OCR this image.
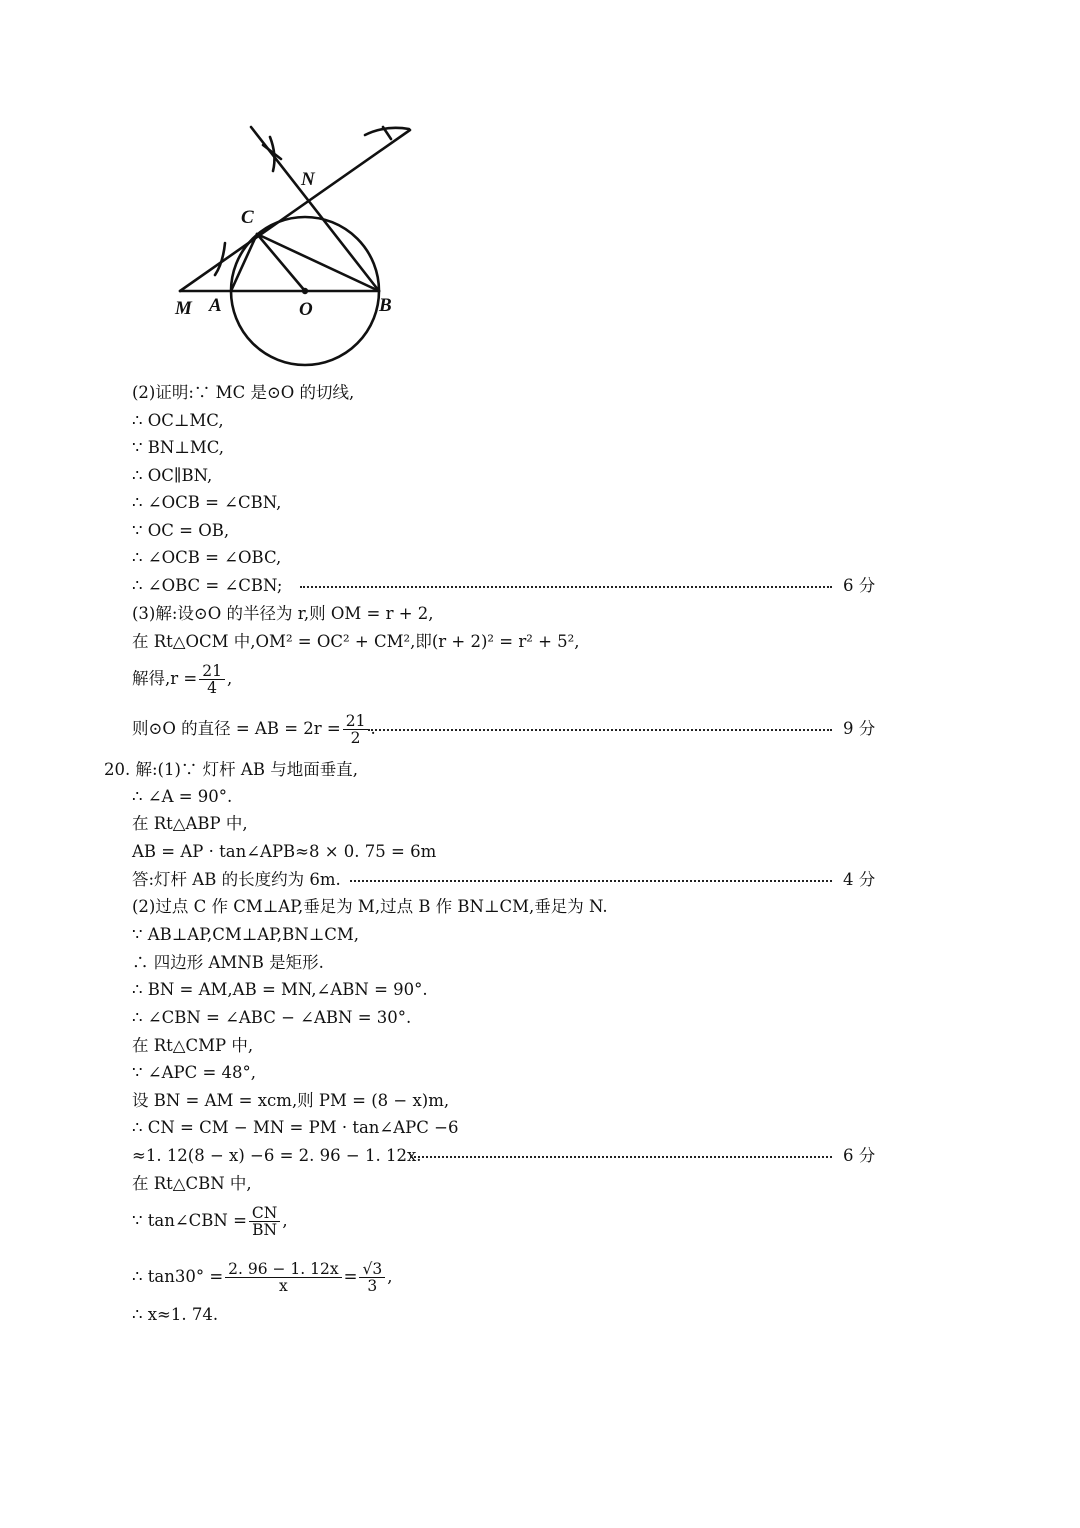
N
C
M A	O	B
(2)证明:∵ MC 是⊙O 的切线,
∴ OC⊥MC,
∵ BN⊥MC,
∴ OC∥BN,
∴ ∠OCB = ∠CBN,
∵ OC = OB,
∴ ∠OCB = ∠OBC,
∴ ∠OBC = ∠CBN;	6 分
(3)解:设⊙O 的半径为 r,则 OM = r + 2,
在 Rt△OCM 中,OM² = OC² + CM²,即(r + 2)² = r² + 5²,
解得$,r = \frac{21}{4}$ ,
则⊙O 的直径 = AB = $2r = \frac{21}{2}$ .	9 分
20. 解:(1)∵ 灯杆 AB 与地面垂直,
∴ ∠A = 90°.
在 Rt△ABP 中,
AB = AP · tan∠APB≈8 × 0. 75 = 6m
答:灯杆 AB 的长度约为 6m.	4 分
(2)过点 C 作 CM⊥AP,垂足为 M,过点 B 作 BN⊥CM,垂足为 N.
∵ AB⊥AP,CM⊥AP,BN⊥CM,
∴ 四边形 AMNB 是矩形.
∴ BN = AM,AB = MN,∠ABN = 90°.
∴ ∠CBN = ∠ABC − ∠ABN = 30°.
在 Rt△CMP 中,
∵ ∠APC = 48°,
设 BN = AM = xcm,则 PM = (8 − x)m,
∴ CN = CM − MN = PM · tan∠APC −6
≈1. 12(8 − x) −6 = 2. 96 − 1. 12x.	6 分
在 Rt△CBN 中,
∵ tan∠CBN = $\frac{CN}{BN}$ ,
∴ $\tan 30^\circ = \frac{2. 96 - 1. 12x}{x} = \frac{√3}{3}$ ,
∴ x≈1. 74.
